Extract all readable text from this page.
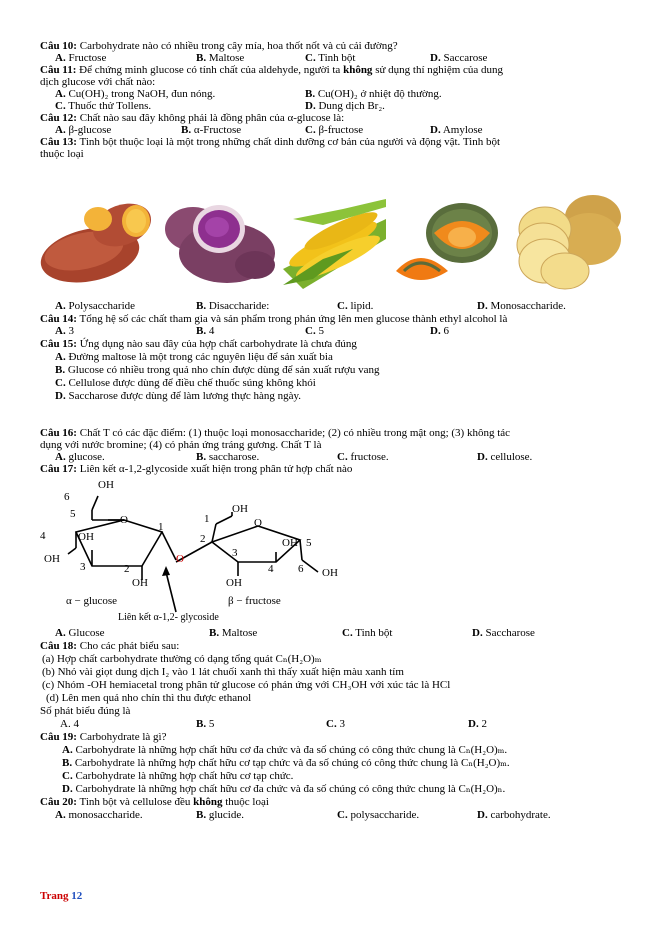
Câu 10: Carbohydrate nào có nhiều trong cây mía, hoa thốt nốt và củ cải đường?
A. Fructose	B. Maltose	C. Tinh bột	D. Saccarose
Câu 11: Để chứng minh glucose có tính chất của aldehyde, người ta không sử dụng thí nghiệm của dung
dịch glucose với chất nào:
A. Cu(OH)₂ trong NaOH, đun nóng.	B. Cu(OH)₂ ở nhiệt độ thường.
C. Thuốc thử Tollens.	D. Dung dịch Br₂.
Câu 12: Chất nào sau đây không phải là đồng phân của α-glucose là:
A. β-glucose	B. α-Fructose	C. β-fructose	D. Amylose
Câu 13: Tinh bột thuộc loại là một trong những chất dinh dưỡng cơ bản của người và động vật. Tinh bột
thuộc loại
A. Polysaccharide	B. Disaccharide:	C. lipid.	D. Monosaccharide.
Câu 14: Tổng hệ số các chất tham gia và sản phẩm trong phản ứng lên men glucose thành ethyl alcohol là
A. 3	B. 4	C. 5	D. 6
Câu 15: Ứng dụng nào sau đây của hợp chất carbohydrate là chưa đúng
A. Đường maltose là một trong các nguyên liệu để sản xuất bia
B. Glucose có nhiều trong quả nho chín được dùng để sản xuất rượu vang
C. Cellulose được dùng để điều chế thuốc súng không khói
D. Saccharose được dùng để làm lương thực hàng ngày.
Câu 16: Chất T có các đặc điểm: (1) thuộc loại monosaccharide; (2) có nhiều trong mật ong; (3) không tác
dụng với nước bromine; (4) có phản ứng tráng gương. Chất T là
A. glucose.	B. saccharose.	C. fructose.	D. cellulose.
Câu 17: Liên kết α-1,2-glycoside xuất hiện trong phân tử hợp chất nào
OH
6
5	O
1
4	OH
OH
3	2
OH
O
OH
1	O
2
3
OH 5
4 6 OH
OH
α − glucose	β − fructose
Liên kết α-1,2- glycoside
A. Glucose	B. Maltose	C. Tinh bột	D. Saccharose
Câu 18: Cho các phát biểu sau:
(a) Hợp chất carbohydrate thường có dạng tổng quát Cₙ(H₂O)ₘ
(b) Nhỏ vài giọt dung dịch I₂ vào 1 lát chuối xanh thì thấy xuất hiện màu xanh tím
(c) Nhóm -OH hemiacetal trong phân tử glucose có phản ứng với CH₃OH với xúc tác là HCl
(d) Lên men quả nho chín thì thu được ethanol
Số phát biểu đúng là
A. 4	B. 5	C. 3	D. 2
Câu 19: Carbohydrate là gì?
A. Carbohydrate là những hợp chất hữu cơ đa chức và đa số chúng có công thức chung là Cₙ(H₂O)ₘ.
B. Carbohydrate là những hợp chất hữu cơ tạp chức và đa số chúng có công thức chung là Cₙ(H₂O)ₘ.
C. Carbohydrate là những hợp chất hữu cơ tạp chức.
D. Carbohydrate là những hợp chất hữu cơ đa chức và đa số chúng có công thức chung là Cₙ(H₂O)ₙ.
Câu 20: Tinh bột và cellulose đều không thuộc loại
A. monosaccharide.	B. glucide.	C. polysaccharide.	D. carbohydrate.
Trang 12
